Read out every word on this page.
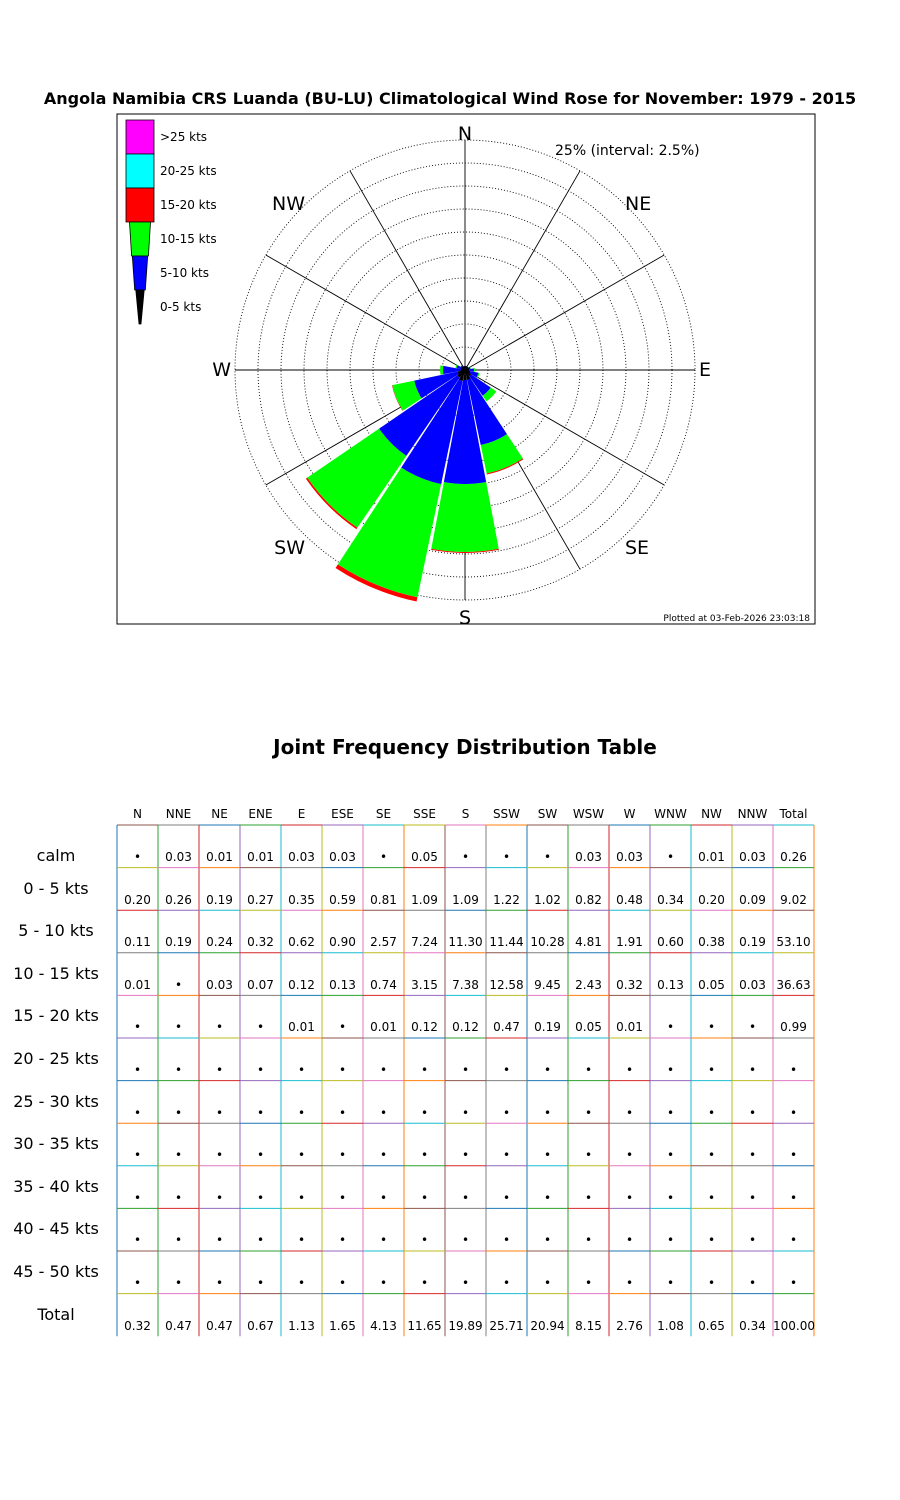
Angola Namibia CRS Luanda (BU-LU) Climatological Wind Rose for November: 1979 - 2015
N
NE
E
SE
S
SW
W
NW
25% (interval: 2.5%)
>25 kts
20-25 kts
15-20 kts
10-15 kts
5-10 kts
0-5 kts
Plotted at 03-Feb-2026 23:03:18
Joint Frequency Distribution Table
N	NNE	NE	ENE	E	ESE	SE	SSE	S	SSW	SW	WSW	W	WNW	NW	NNW	Total
calm	•	0.03	0.01	0.01	0.03	0.03	•	0.05	•	•	•	0.03	0.03	•	0.01	0.03	0.26
0 - 5 kts
0.20	0.26	0.19	0.27	0.35	0.59	0.81	1.09	1.09	1.22	1.02	0.82	0.48	0.34	0.20	0.09	9.02
5 - 10 kts
0.11	0.19	0.24	0.32	0.62	0.90	2.57	7.24 11.30 11.44 10.28 4.81	1.91	0.60	0.38	0.19 53.10
10 - 15 kts
0.01	•	0.03	0.07	0.12	0.13	0.74	3.15	7.38 12.58 9.45	2.43	0.32	0.13	0.05	0.03 36.63
15 - 20 kts
•	•	•	•	0.01	•	0.01	0.12	0.12	0.47	0.19	0.05	0.01	•	•	•	0.99
20 - 25 kts
•	•	•	•	•	•	•	•	•	•	•	•	•	•	•	•	•
25 - 30 kts
•	•	•	•	•	•	•	•	•	•	•	•	•	•	•	•	•
30 - 35 kts
•	•	•	•	•	•	•	•	•	•	•	•	•	•	•	•	•
35 - 40 kts
•	•	•	•	•	•	•	•	•	•	•	•	•	•	•	•	•
40 - 45 kts
•	•	•	•	•	•	•	•	•	•	•	•	•	•	•	•	•
45 - 50 kts
•	•	•	•	•	•	•	•	•	•	•	•	•	•	•	•	•
Total
0.32	0.47	0.47	0.67	1.13	1.65	4.13 11.65 19.89 25.71 20.94 8.15	2.76	1.08	0.65	0.34 100.00
